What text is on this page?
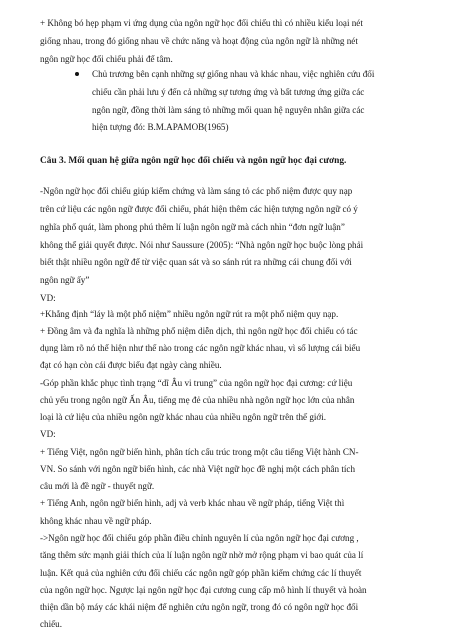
+ Không bó hẹp phạm vi ứng dụng của ngôn ngữ học đối chiếu thì có nhiều kiểu loại nét
giống nhau, trong đó giống nhau về chức năng và hoạt động của ngôn ngữ là những nét
ngôn ngữ học đối chiếu phải để tâm.
Chủ trương bên cạnh những sự giống nhau và khác nhau, việc nghiên cứu đối
chiếu cần phải lưu ý đến cả những sự tương ứng và bất tương ứng giữa các
ngôn ngữ, đồng thời làm sáng tỏ những mối quan hệ nguyên nhân giữa các
hiện tượng đó: B.M.APAMOB(1965)
Câu 3. Mối quan hệ giữa ngôn ngữ học đối chiếu và ngôn ngữ học đại cương.
-Ngôn ngữ học đối chiếu giúp kiểm chứng và làm sáng tỏ các phổ niệm được quy nạp
trên cứ liệu các ngôn ngữ được đối chiếu, phát hiện thêm các hiện tượng ngôn ngữ có ý
nghĩa phổ quát, làm phong phú thêm lí luận ngôn ngữ mà cách nhìn “đơn ngữ luận”
không thể giải quyết được. Nói như Saussure (2005): “Nhà ngôn ngữ học buộc lòng phải
biết thật nhiều ngôn ngữ để từ việc quan sát và so sánh rút ra những cái chung đối với
ngôn ngữ ấy”
VD:
+Khẳng định “láy là một phổ niệm” nhiều ngôn ngữ rút ra một phổ niệm quy nạp.
+ Đồng âm và đa nghĩa là những phổ niệm diễn dịch, thì ngôn ngữ học đối chiếu có tác
dụng làm rõ nó thể hiện như thế nào trong các ngôn ngữ khác nhau, vì số lượng cái biểu
đạt có hạn còn cái được biểu đạt ngày càng nhiều.
-Góp phần khắc phục tình trạng “dĩ Âu vi trung” của ngôn ngữ học đại cương: cứ liệu
chủ yếu trong ngôn ngữ Ấn Âu, tiếng mẹ đẻ của nhiều nhà ngôn ngữ học lớn của nhân
loại là cứ liệu của nhiều ngôn ngữ khác nhau của nhiều ngôn ngữ trên thế giới.
VD:
+ Tiếng Việt, ngôn ngữ biến hình, phân tích cấu trúc trong một câu tiếng Việt hành CN-
VN. So sánh với ngôn ngữ biến hình, các nhà Việt ngữ học đề nghị một cách phân tích
câu mới là đề ngữ - thuyết ngữ.
+ Tiếng Anh, ngôn ngữ biến hình, adj và verb khác nhau về ngữ pháp, tiếng Việt thì
không khác nhau về ngữ pháp.
->Ngôn ngữ học đối chiếu góp phần điều chỉnh nguyên lí của ngôn ngữ học đại cương ,
tăng thêm sức mạnh giải thích của lí luận ngôn ngữ nhờ mở rộng phạm vi bao quát của lí
luận. Kết quả của nghiên cứu đối chiếu các ngôn ngữ góp phần kiểm chứng các lí thuyết
của ngôn ngữ học. Ngược lại ngôn ngữ học đại cương cung cấp mô hình lí thuyết và hoàn
thiện dần bộ máy các khái niệm để nghiên cứu ngôn ngữ, trong đó có ngôn ngữ học đối
chiếu.
